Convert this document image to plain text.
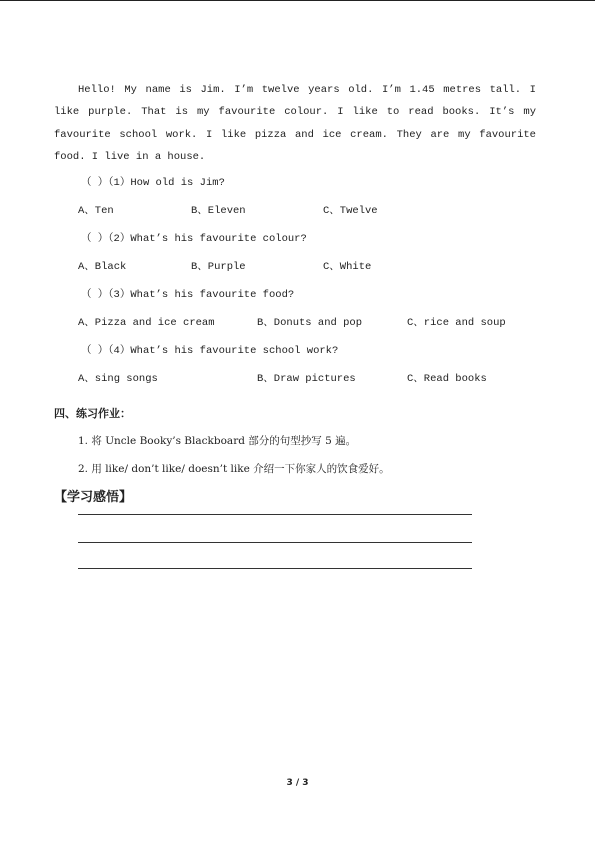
Hello! My name is Jim. I’m twelve years old. I’m 1.45 metres tall. I like purple. That is my favourite colour. I like to read books. It’s my favourite school work. I like pizza and ice cream. They are my favourite food. I live in a house.

（ ）（1）How old is Jim?
A、Ten	B、Eleven	C、Twelve
（ ）（2）What’s his favourite colour?
A、Black	B、Purple	C、White
（ ）（3）What’s his favourite food?
A、Pizza and ice cream	B、Donuts and pop	C、rice and soup
（ ）（4）What’s his favourite school work?
A、sing songs	B、Draw pictures	C、Read books
四、练习作业：
1. 将 Uncle Booky’s Blackboard 部分的句型抄写 5 遍。
2. 用 like/ don’t like/ doesn’t like 介绍一下你家人的饮食爱好。
【学习感悟】
3 / 3
